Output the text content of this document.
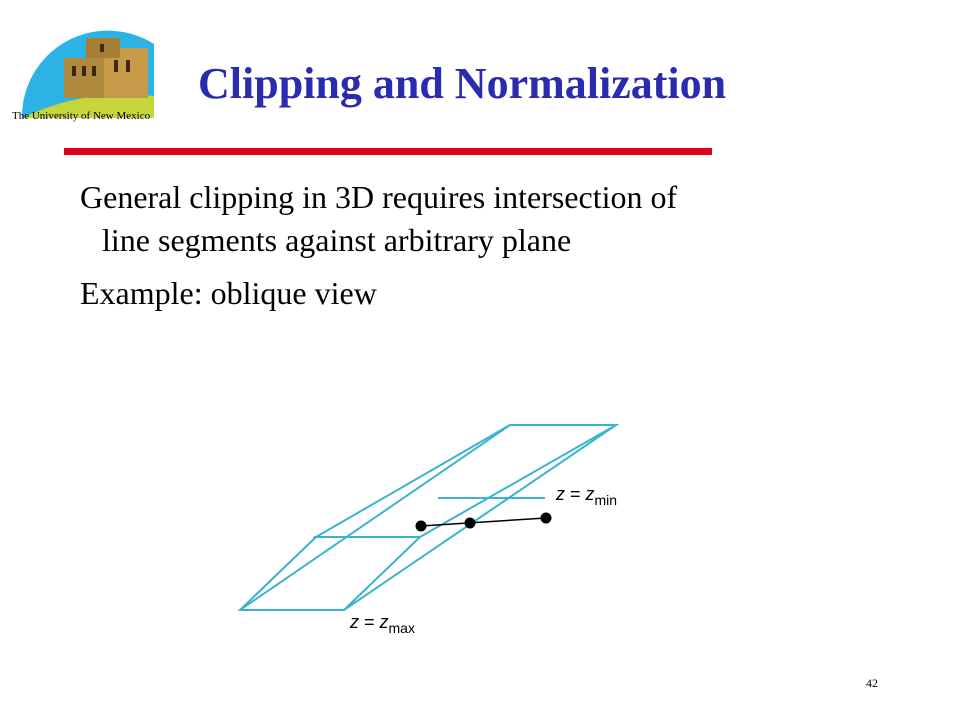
The University of New Mexico
Clipping and Normalization

General clipping in 3D requires intersection of
line segments against arbitrary plane

Example: oblique view

$z = z_{min}$
$z = z_{max}$
42
